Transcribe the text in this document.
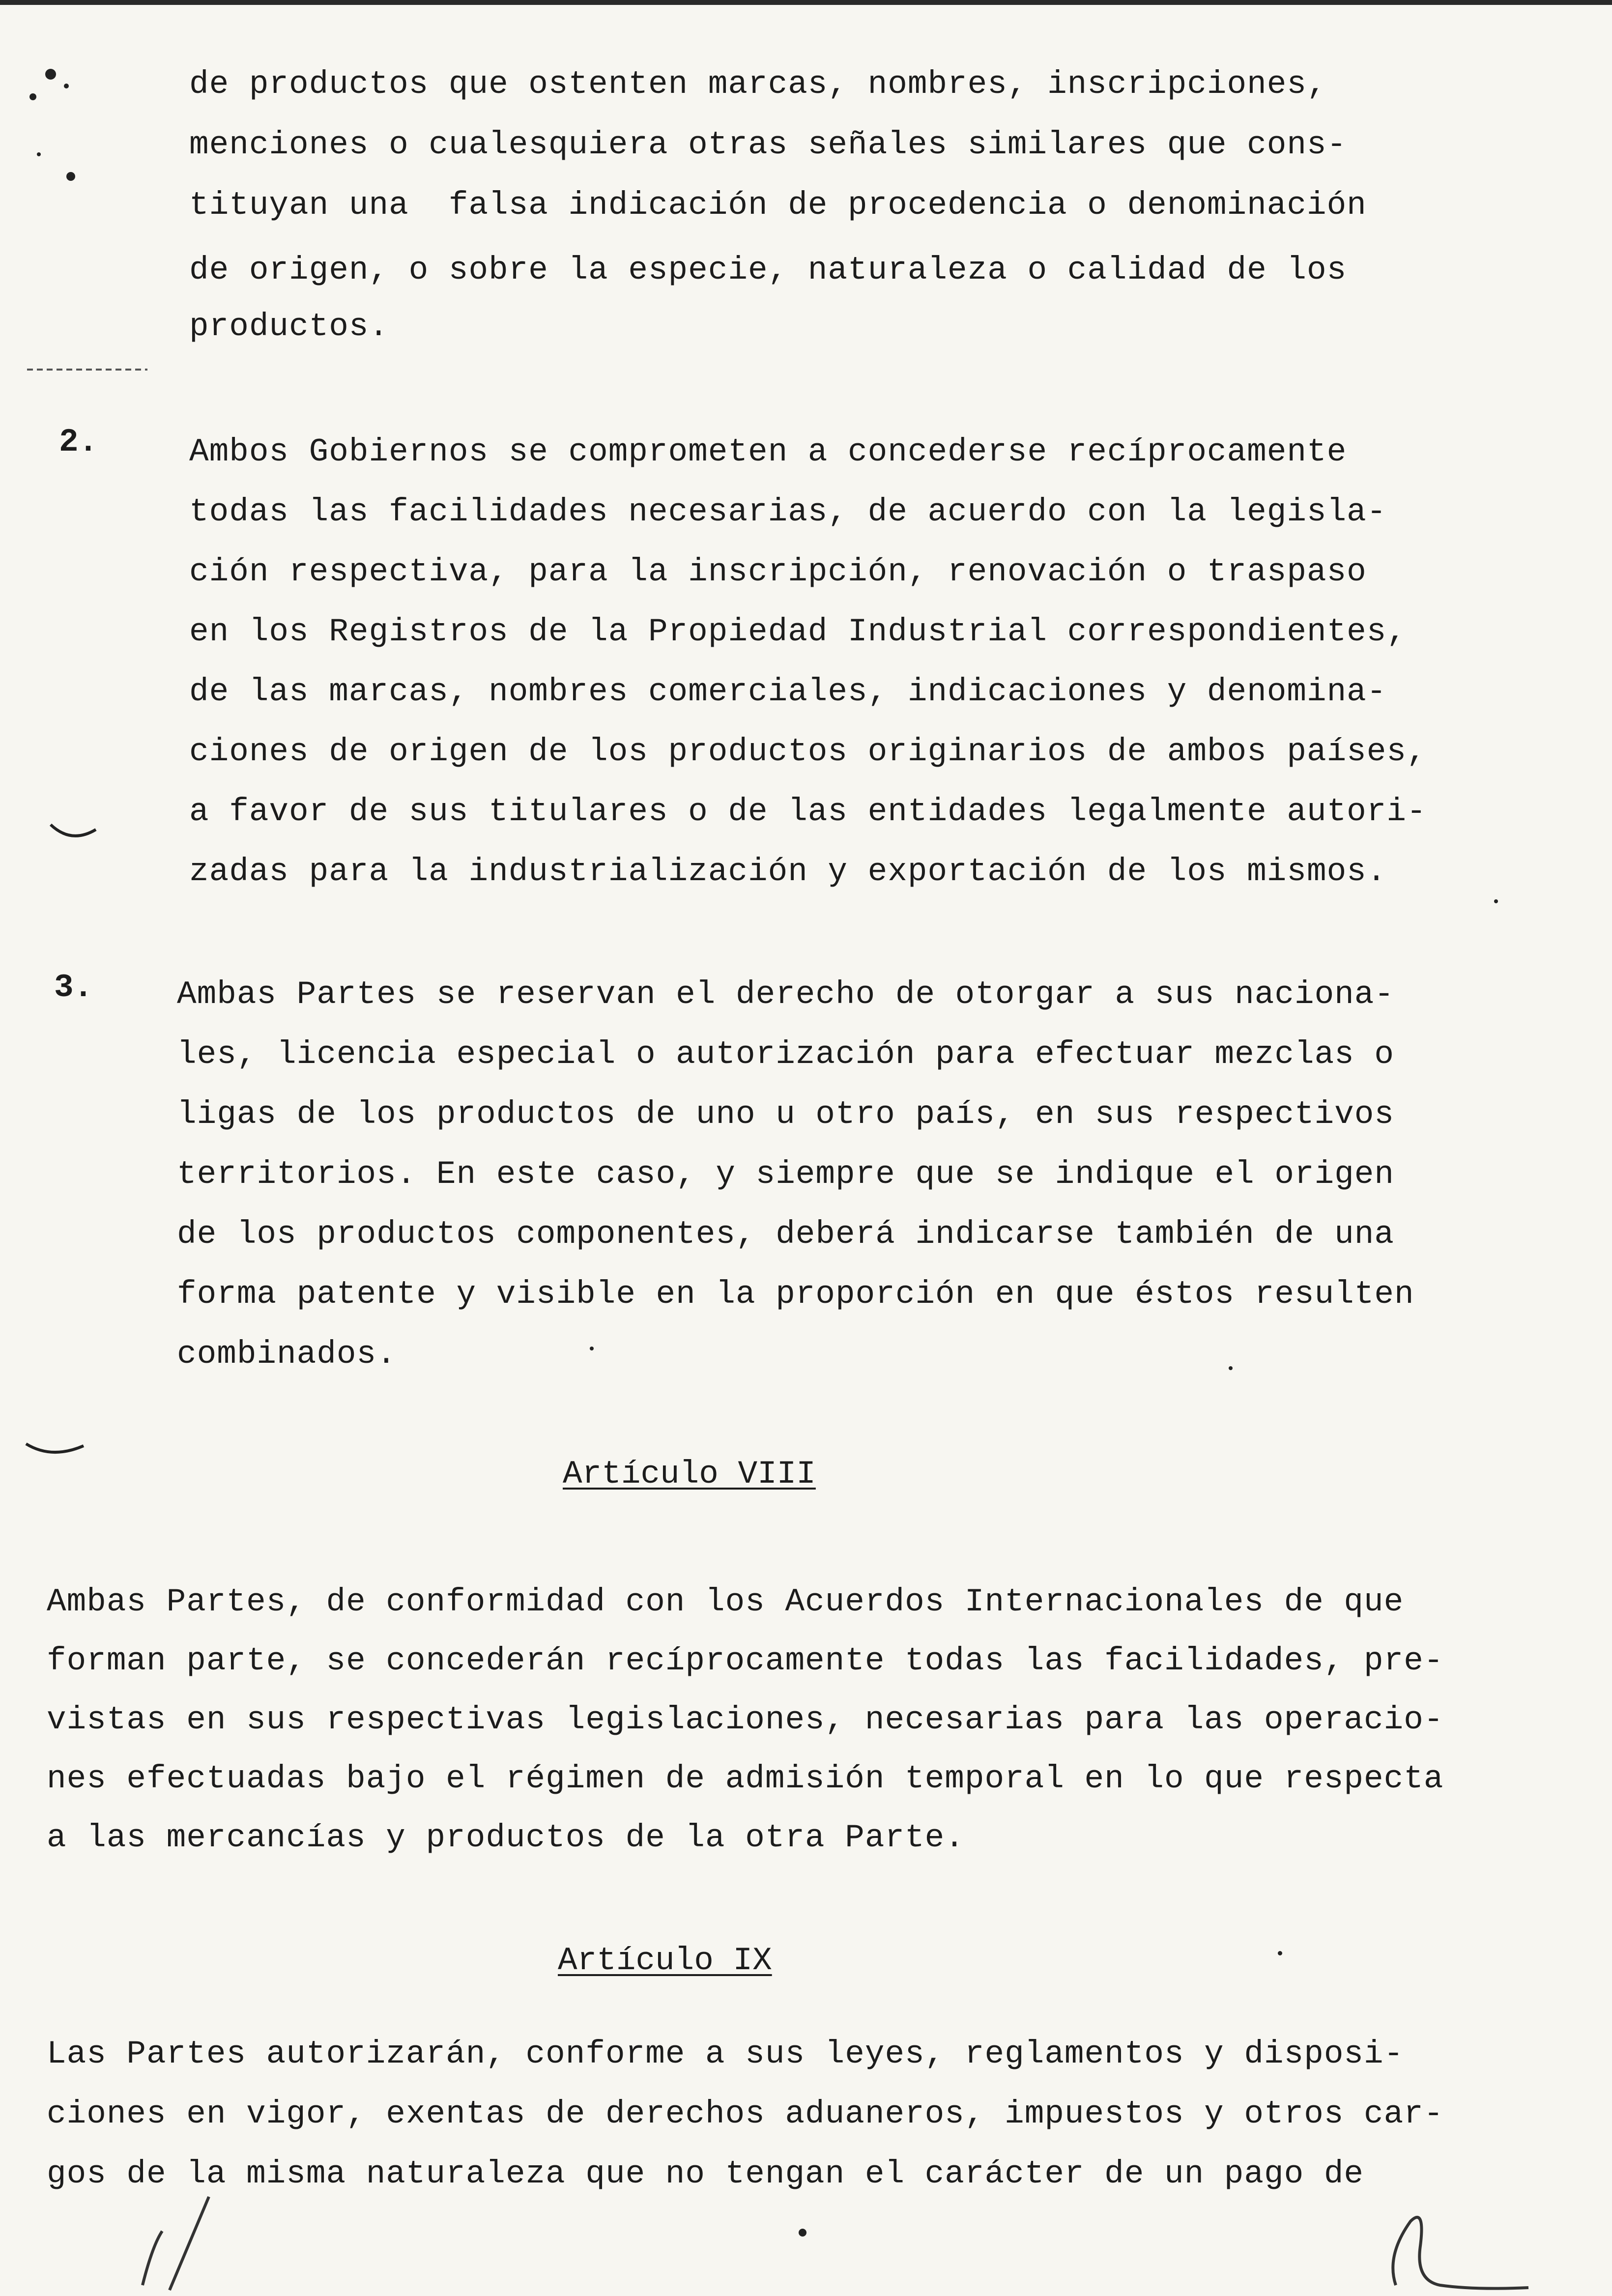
de productos que ostenten marcas, nombres, inscripciones,
menciones o cualesquiera otras señales similares que cons-
tituyan una  falsa indicación de procedencia o denominación
de origen, o sobre la especie, naturaleza o calidad de los
productos.
2.	Ambos Gobiernos se comprometen a concederse recíprocamente
todas las facilidades necesarias, de acuerdo con la legisla-
ción respectiva, para la inscripción, renovación o traspaso
en los Registros de la Propiedad Industrial correspondientes,
de las marcas, nombres comerciales, indicaciones y denomina-
ciones de origen de los productos originarios de ambos países,
a favor de sus titulares o de las entidades legalmente autori-
zadas para la industrialización y exportación de los mismos.
3.	Ambas Partes se reservan el derecho de otorgar a sus naciona-
les, licencia especial o autorización para efectuar mezclas o
ligas de los productos de uno u otro país, en sus respectivos
territorios. En este caso, y siempre que se indique el origen
de los productos componentes, deberá indicarse también de una
forma patente y visible en la proporción en que éstos resulten
combinados.
Artículo VIII
Ambas Partes, de conformidad con los Acuerdos Internacionales de que
forman parte, se concederán recíprocamente todas las facilidades, pre-
vistas en sus respectivas legislaciones, necesarias para las operacio-
nes efectuadas bajo el régimen de admisión temporal en lo que respecta
a las mercancías y productos de la otra Parte.
Artículo IX
Las Partes autorizarán, conforme a sus leyes, reglamentos y disposi-
ciones en vigor, exentas de derechos aduaneros, impuestos y otros car-
gos de la misma naturaleza que no tengan el carácter de un pago de
